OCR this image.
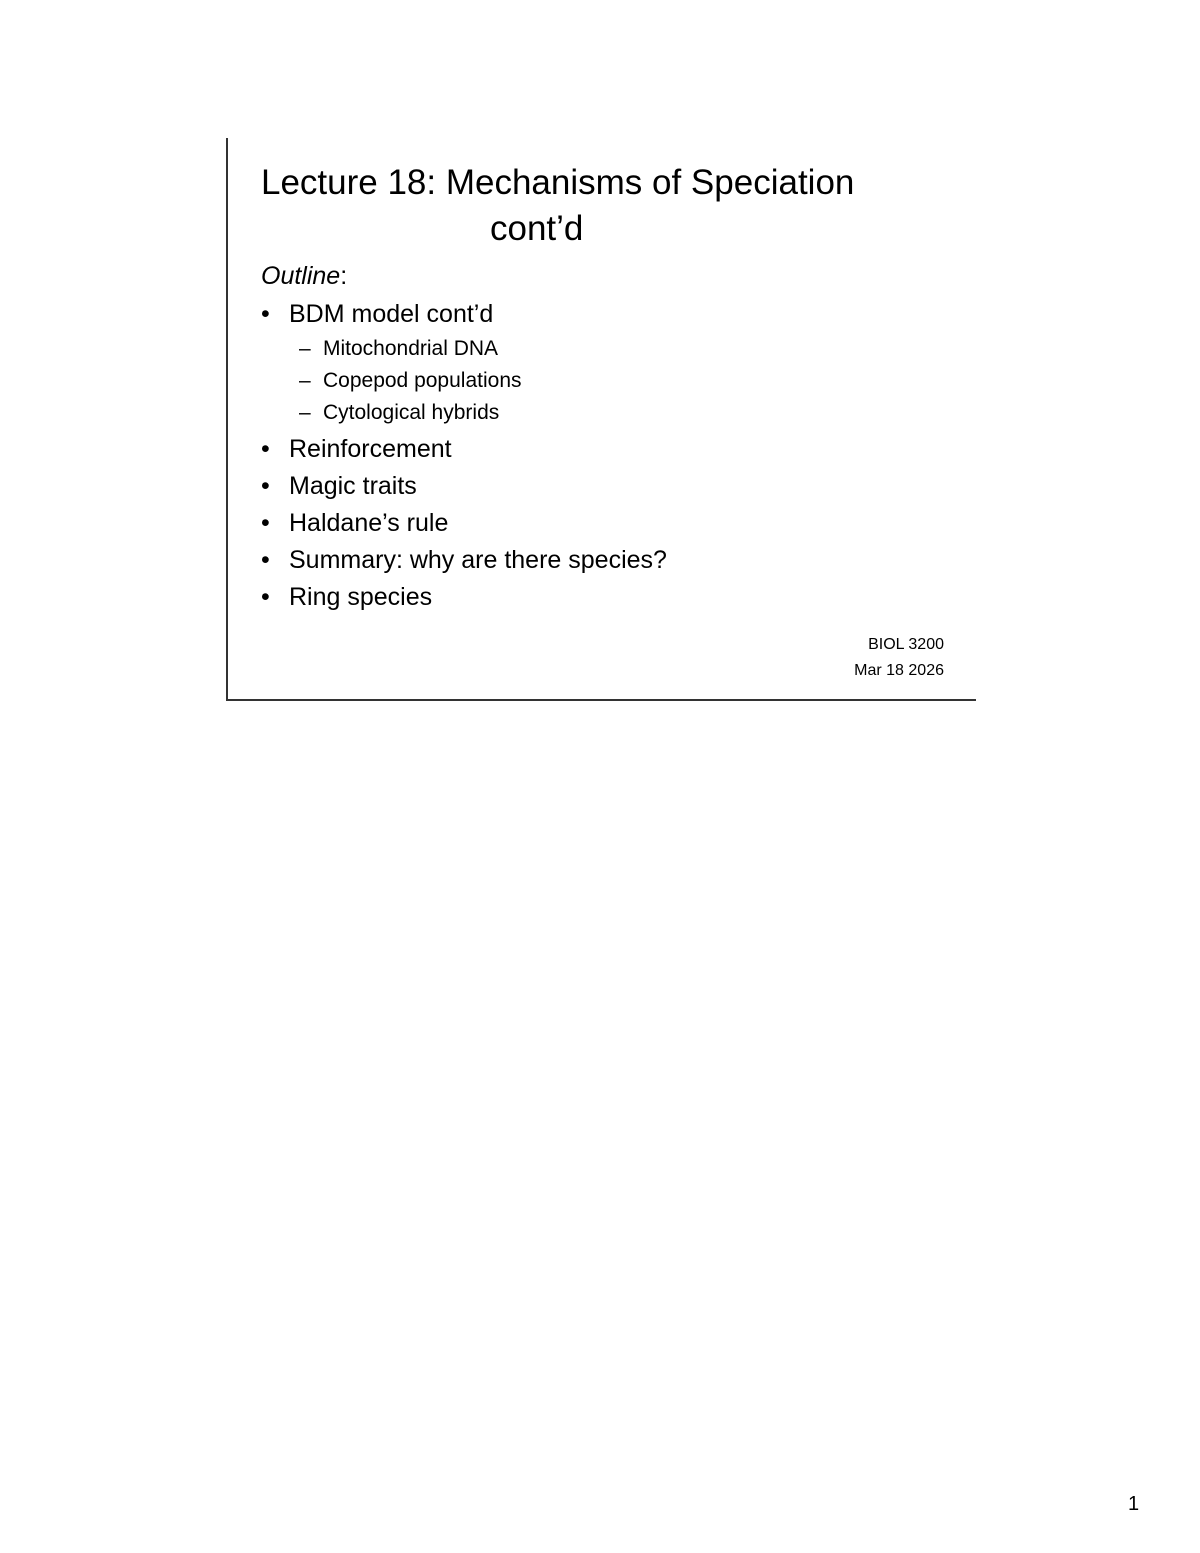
Lecture 18: Mechanisms of Speciation
cont’d
Outline:
• BDM model cont’d
– Mitochondrial DNA
– Copepod populations
– Cytological hybrids
• Reinforcement
• Magic traits
• Haldane’s rule
• Summary: why are there species?
• Ring species
BIOL 3200
Mar 18 2026
1
